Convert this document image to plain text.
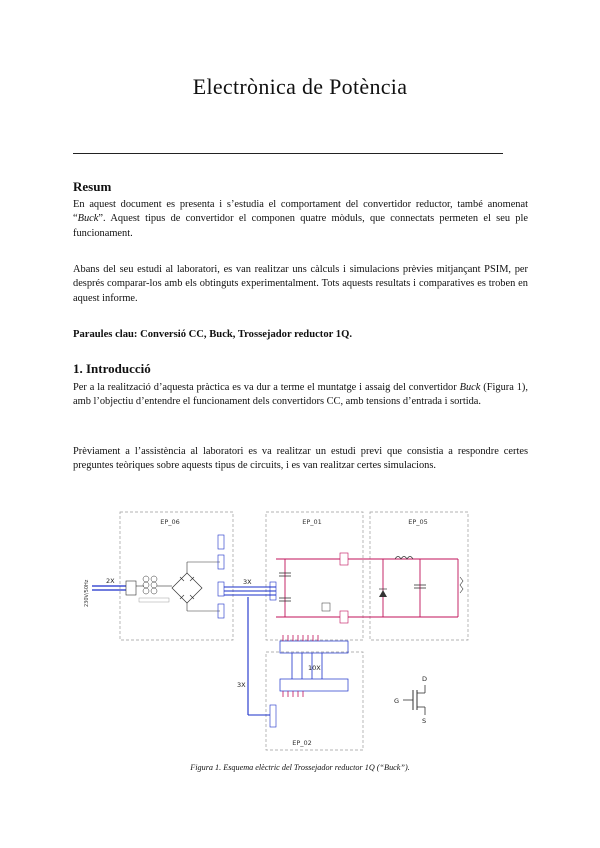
Electrònica de Potència
Resum

En aquest document es presenta i s’estudia el comportament del convertidor reductor, també anomenat “Buck”. Aquest tipus de convertidor el componen quatre mòduls, que connectats permeten el seu ple funcionament.

Abans del seu estudi al laboratori, es van realitzar uns càlculs i simulacions prèvies mitjançant PSIM, per després comparar-los amb els obtinguts experimentalment. Tots aquests resultats i comparatives es troben en aquest informe.

Paraules clau: Conversió CC, Buck, Trossejador reductor 1Q.

1. Introducció

Per a la realització d’aquesta pràctica es va dur a terme el muntatge i assaig del convertidor Buck (Figura 1), amb l’objectiu d’entendre el funcionament dels convertidors CC, amb tensions d’entrada i sortida.

Prèviament a l’assistència al laboratori es va realitzar un estudi previ que consistia a respondre certes preguntes teòriques sobre aquests tipus de circuits, i es van realitzar certes simulacions.

EP_06	EP_01	EP_05
EP_02
230V/50Hz 2X	3X
10X
3X
D
G
S

Figura 1. Esquema elèctric del Trossejador reductor 1Q (“Buck”).
